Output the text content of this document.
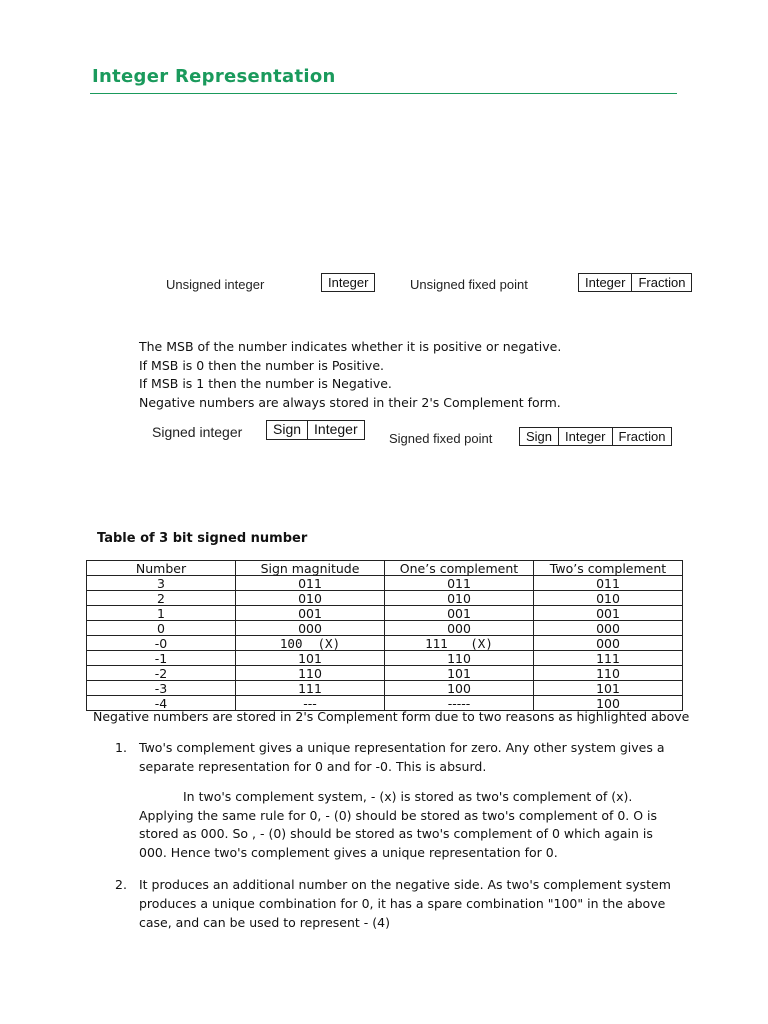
Integer Representation
Unsigned integer	Integer	Unsigned fixed point	Integer	Fraction
The MSB of the number indicates whether it is positive or negative.
If MSB is 0 then the number is Positive.
If MSB is 1 then the number is Negative.
Negative numbers are always stored in their 2's Complement form.
Signed integer	Sign Integer
Signed fixed point	Sign	Integer	Fraction
Table of 3 bit signed number
Number	Sign magnitude	One’s complement	Two’s complement
3	011	011	011
2	010	010	010
1	001	001	001
0	000	000	000
-0	100  (X)	111   (X)	000
-1	101	110	111
-2	110	101	110
-3	111	100	101
-4	---	-----	100
Negative numbers are stored in 2's Complement form due to two reasons as highlighted above
1. Two's complement gives a unique representation for zero. Any other system gives a separate representation for 0 and for -0. This is absurd.
In two's complement system, - (x) is stored as two's complement of (x). Applying the same rule for 0, - (0) should be stored as two's complement of 0. O is stored as 000. So , - (0) should be stored as two's complement of 0 which again is 000. Hence two's complement gives a unique representation for 0.
2. It produces an additional number on the negative side. As two's complement system produces a unique combination for 0, it has a spare combination "100" in the above case, and can be used to represent - (4)
